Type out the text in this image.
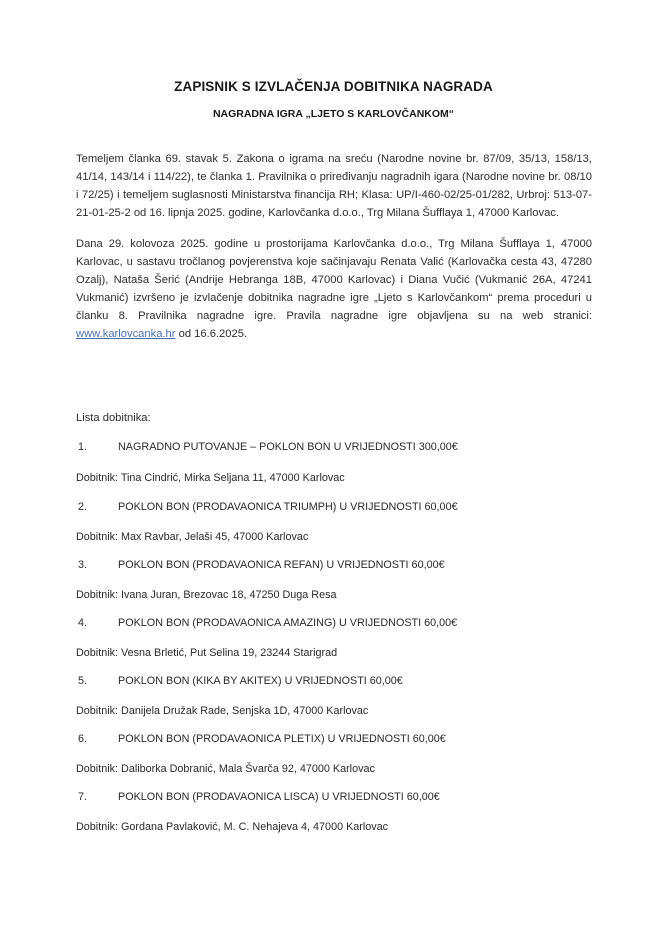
ZAPISNIK S IZVLAČENJA DOBITNIKA NAGRADA
NAGRADNA IGRA „LJETO S KARLOVČANKOM“
Temeljem članka 69. stavak 5. Zakona o igrama na sreću (Narodne novine br. 87/09, 35/13, 158/13, 41/14, 143/14 i 114/22), te članka 1. Pravilnika o priređivanju nagradnih igara (Narodne novine br. 08/10 i 72/25) i temeljem suglasnosti Ministarstva financija RH; Klasa: UP/I-460-02/25-01/282, Urbroj: 513-07-21-01-25-2 od 16. lipnja 2025. godine, Karlovčanka d.o.o., Trg Milana Šufflaya 1, 47000 Karlovac.
Dana 29. kolovoza 2025. godine u prostorijama Karlovčanka d.o.o., Trg Milana Šufflaya 1, 47000 Karlovac, u sastavu tročlanog povjerenstva koje sačinjavaju Renata Valić (Karlovačka cesta 43, 47280 Ozalj), Nataša Šerić (Andrije Hebranga 18B, 47000 Karlovac) i Diana Vučić (Vukmanić 26A, 47241 Vukmanić) izvršeno je izvlačenje dobitnika nagradne igre „Ljeto s Karlovčankom“ prema proceduri u članku 8. Pravilnika nagradne igre. Pravila nagradne igre objavljena su na web stranici: www.karlovcanka.hr od 16.6.2025.
Lista dobitnika:
1.	NAGRADNO PUTOVANJE – POKLON BON U VRIJEDNOSTI 300,00€
Dobitnik: Tina Cindrić, Mirka Seljana 11, 47000 Karlovac
2.	POKLON BON (PRODAVAONICA TRIUMPH) U VRIJEDNOSTI 60,00€
Dobitnik: Max Ravbar, Jelaši 45, 47000 Karlovac
3.	POKLON BON (PRODAVAONICA REFAN) U VRIJEDNOSTI 60,00€
Dobitnik: Ivana Juran, Brezovac 18, 47250 Duga Resa
4.	POKLON BON (PRODAVAONICA AMAZING) U VRIJEDNOSTI 60,00€
Dobitnik: Vesna Brletić, Put Selina 19, 23244 Starigrad
5.	POKLON BON (KIKA BY AKITEX) U VRIJEDNOSTI 60,00€
Dobitnik: Danijela Družak Rade, Senjska 1D, 47000 Karlovac
6.	POKLON BON (PRODAVAONICA PLETIX) U VRIJEDNOSTI 60,00€
Dobitnik: Daliborka Dobranić, Mala Švarča 92, 47000 Karlovac
7.	POKLON BON (PRODAVAONICA LISCA) U VRIJEDNOSTI 60,00€
Dobitnik: Gordana Pavlaković, M. C. Nehajeva 4, 47000 Karlovac
